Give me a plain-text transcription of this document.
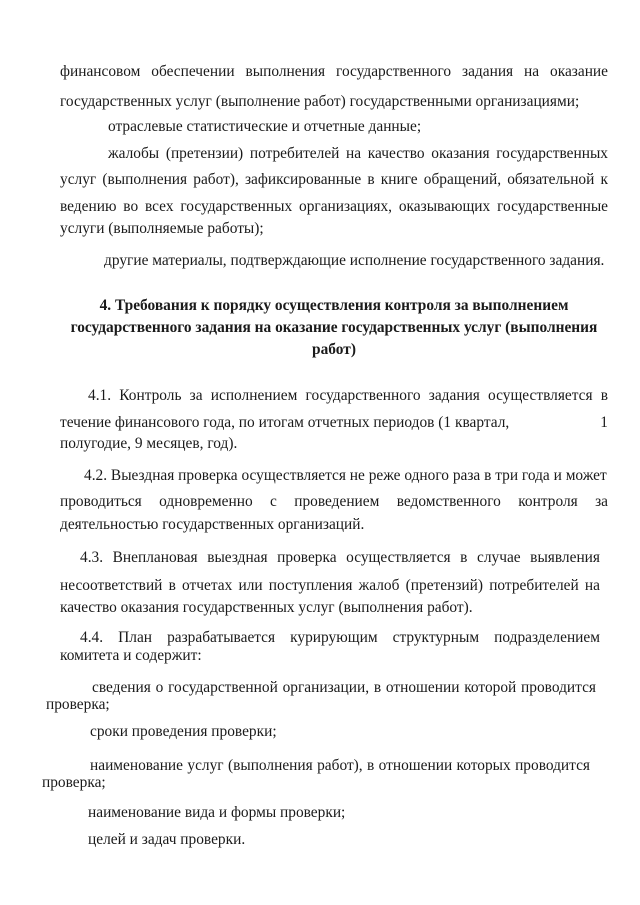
финансовом обеспечении выполнения государственного задания на оказание
государственных услуг (выполнение работ) государственными организациями;
отраслевые статистические и отчетные данные;
жалобы (претензии) потребителей на качество оказания государственных
услуг (выполнения работ), зафиксированные в книге обращений, обязательной к
ведению во всех государственных организациях, оказывающих государственные
услуги (выполняемые работы);
другие материалы, подтверждающие исполнение государственного задания.
4. Требования к порядку осуществления контроля за выполнением
государственного задания на оказание государственных услуг (выполнения
работ)
4.1. Контроль за исполнением государственного задания осуществляется в
течение финансового года, по итогам отчетных периодов (1 квартал,	1
полугодие, 9 месяцев, год).
4.2. Выездная проверка осуществляется не реже одного раза в три года и может
проводиться одновременно с проведением ведомственного контроля за
деятельностью государственных организаций.
4.3. Внеплановая выездная проверка осуществляется в случае выявления
несоответствий в отчетах или поступления жалоб (претензий) потребителей на
качество оказания государственных услуг (выполнения работ).
4.4. План разрабатывается курирующим структурным подразделением
комитета и содержит:
сведения о государственной организации, в отношении которой проводится
проверка;
сроки проведения проверки;
наименование услуг (выполнения работ), в отношении которых проводится
проверка;
наименование вида и формы проверки;
целей и задач проверки.
